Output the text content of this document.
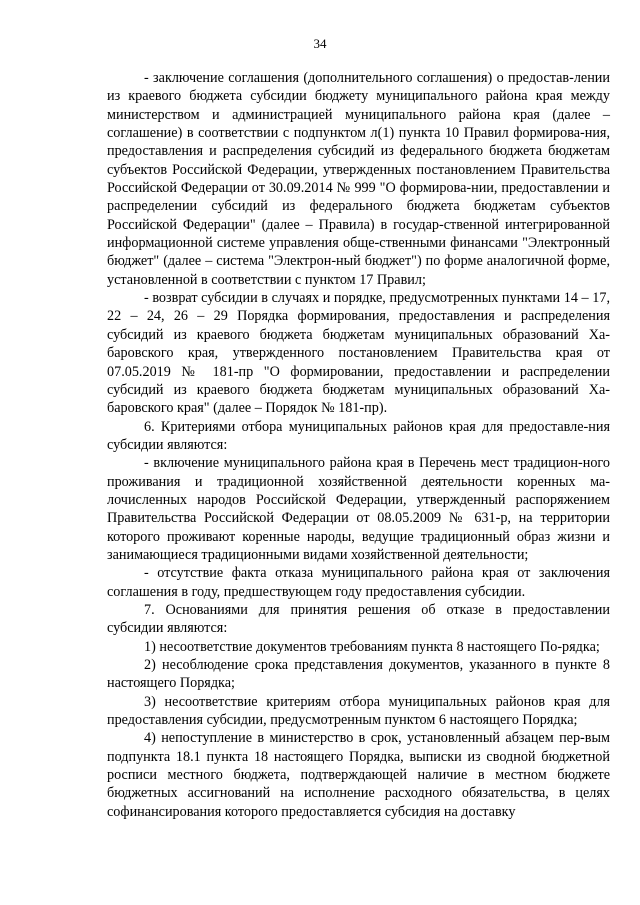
34

- заключение соглашения (дополнительного соглашения) о предостав-лении из краевого бюджета субсидии бюджету муниципального района края между министерством и администрацией муниципального района края (далее – соглашение) в соответствии с подпунктом л(1) пункта 10 Правил формирова-ния, предоставления и распределения субсидий из федерального бюджета бюджетам субъектов Российской Федерации, утвержденных постановлением Правительства Российской Федерации от 30.09.2014 № 999 "О формирова-нии, предоставлении и распределении субсидий из федерального бюджета бюджетам субъектов Российской Федерации" (далее – Правила) в государ-ственной интегрированной информационной системе управления обще-ственными финансами "Электронный бюджет" (далее – система "Электрон-ный бюджет") по форме аналогичной форме, установленной в соответствии с пунктом 17 Правил;

- возврат субсидии в случаях и порядке, предусмотренных пунктами 14 – 17, 22 – 24, 26 – 29 Порядка формирования, предоставления и распределения субсидий из краевого бюджета бюджетам муниципальных образований Ха-баровского края, утвержденного постановлением Правительства края от 07.05.2019 № 181-пр "О формировании, предоставлении и распределении субсидий из краевого бюджета бюджетам муниципальных образований Ха-баровского края" (далее – Порядок № 181-пр).

6. Критериями отбора муниципальных районов края для предоставле-ния субсидии являются:

- включение муниципального района края в Перечень мест традицион-ного проживания и традиционной хозяйственной деятельности коренных ма-лочисленных народов Российской Федерации, утвержденный распоряжением Правительства Российской Федерации от 08.05.2009 № 631-р, на территории которого проживают коренные народы, ведущие традиционный образ жизни и занимающиеся традиционными видами хозяйственной деятельности;

- отсутствие факта отказа муниципального района края от заключения соглашения в году, предшествующем году предоставления субсидии.

7. Основаниями для принятия решения об отказе в предоставлении субсидии являются:

1) несоответствие документов требованиям пункта 8 настоящего По-рядка;

2) несоблюдение срока представления документов, указанного в пункте 8 настоящего Порядка;

3) несоответствие критериям отбора муниципальных районов края для предоставления субсидии, предусмотренным пунктом 6 настоящего Порядка;

4) непоступление в министерство в срок, установленный абзацем пер-вым подпункта 18.1 пункта 18 настоящего Порядка, выписки из сводной бюджетной росписи местного бюджета, подтверждающей наличие в местном бюджете бюджетных ассигнований на исполнение расходного обязательства, в целях софинансирования которого предоставляется субсидия на доставку
